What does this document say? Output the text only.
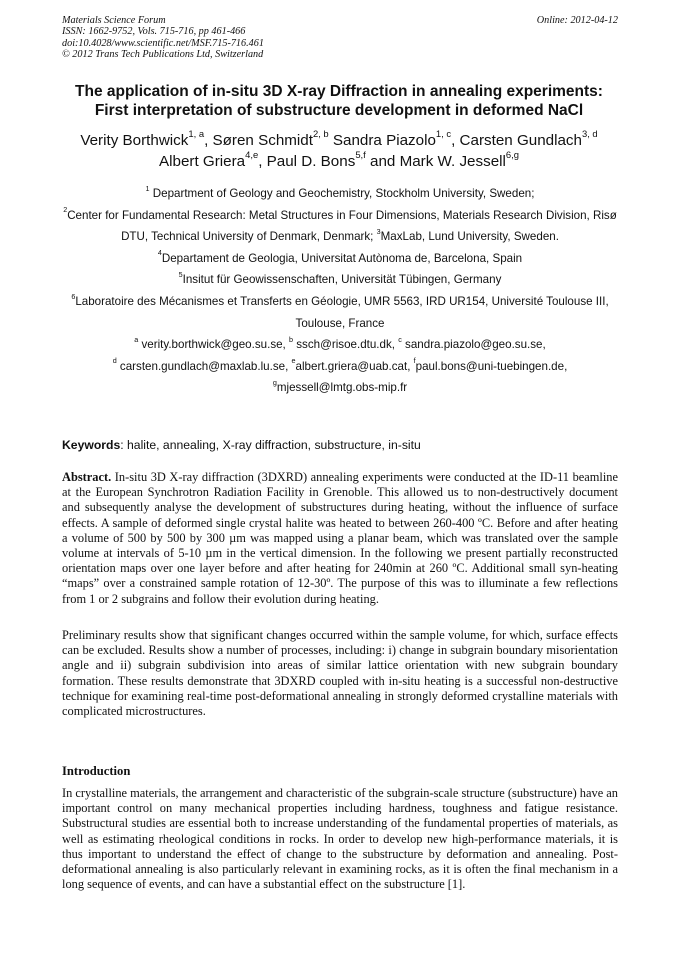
Materials Science Forum	Online: 2012-04-12
ISSN: 1662-9752, Vols. 715-716, pp 461-466
doi:10.4028/www.scientific.net/MSF.715-716.461
© 2012 Trans Tech Publications Ltd, Switzerland
The application of in-situ 3D X-ray Diffraction in annealing experiments:
First interpretation of substructure development in deformed NaCl
Verity Borthwick$^{1, a}$, Søren Schmidt$^{2, b}$ Sandra Piazolo$^{1, c}$, Carsten Gundlach$^{3, d}$
Albert Griera$^{4,e}$, Paul D. Bons$^{5,f}$ and Mark W. Jessell$^{6,g}$
$^1$ Department of Geology and Geochemistry, Stockholm University, Sweden;
$^2$Center for Fundamental Research: Metal Structures in Four Dimensions, Materials Research Division, Risø DTU, Technical University of Denmark, Denmark; $^3$MaxLab, Lund University, Sweden.
$^4$Departament de Geologia, Universitat Autònoma de, Barcelona, Spain
$^5$Insitut für Geowissenschaften, Universität Tübingen, Germany
$^6$Laboratoire des Mécanismes et Transferts en Géologie, UMR 5563, IRD UR154, Université Toulouse III, Toulouse, France
$^a$ verity.borthwick@geo.su.se, $^b$ ssch@risoe.dtu.dk, $^c$ sandra.piazolo@geo.su.se,
$^d$ carsten.gundlach@maxlab.lu.se, $^e$albert.griera@uab.cat, $^f$paul.bons@uni-tuebingen.de,
$^g$mjessell@lmtg.obs-mip.fr
Keywords: halite, annealing, X-ray diffraction, substructure, in-situ

Abstract. In-situ 3D X-ray diffraction (3DXRD) annealing experiments were conducted at the ID-11 beamline at the European Synchrotron Radiation Facility in Grenoble. This allowed us to non-destructively document and subsequently analyse the development of substructures during heating, without the influence of surface effects. A sample of deformed single crystal halite was heated to between 260-400 ºC. Before and after heating a volume of 500 by 500 by 300 µm was mapped using a planar beam, which was translated over the sample volume at intervals of 5-10 µm in the vertical dimension. In the following we present partially reconstructed orientation maps over one layer before and after heating for 240min at 260 ºC. Additional small syn-heating “maps” over a constrained sample rotation of 12-30º. The purpose of this was to illuminate a few reflections from 1 or 2 subgrains and follow their evolution during heating.

Preliminary results show that significant changes occurred within the sample volume, for which, surface effects can be excluded. Results show a number of processes, including: i) change in subgrain boundary misorientation angle and ii) subgrain subdivision into areas of similar lattice orientation with new subgrain boundary formation. These results demonstrate that 3DXRD coupled with in-situ heating is a successful non-destructive technique for examining real-time post-deformational annealing in strongly deformed crystalline materials with complicated microstructures.

Introduction

In crystalline materials, the arrangement and characteristic of the subgrain-scale structure (substructure) have an important control on many mechanical properties including hardness, toughness and fatigue resistance. Substructural studies are essential both to increase understanding of the fundamental properties of materials, as well as estimating rheological conditions in rocks. In order to develop new high-performance materials, it is thus important to understand the effect of change to the substructure by deformation and annealing. Post-deformational annealing is also particularly relevant in examining rocks, as it is often the final mechanism in a long sequence of events, and can have a substantial effect on the substructure [1].
